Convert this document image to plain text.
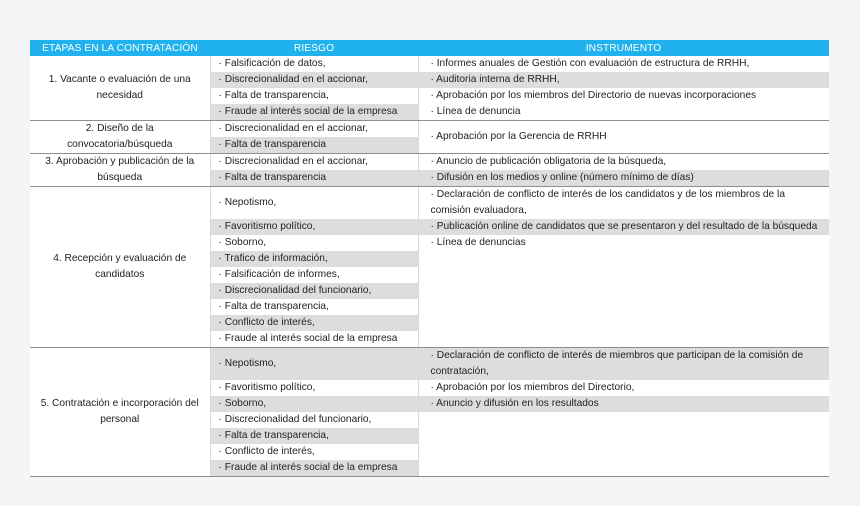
ETAPAS EN LA CONTRATACIÓN	RIESGO	INSTRUMENTO
1. Vacante o evaluación de una necesidad	· Falsificación de datos,	· Informes anuales de Gestión con evaluación de estructura de RRHH,
	· Discrecionalidad en el accionar,	· Auditoria interna de RRHH,
	· Falta de transparencia,	· Aprobación por los miembros del Directorio de nuevas incorporaciones
	· Fraude al interés social de la empresa	· Línea de denuncia
2. Diseño de la convocatoria/búsqueda	· Discrecionalidad en el accionar,	· Aprobación por la Gerencia de RRHH
	· Falta de transparencia	
3. Aprobación y publicación de la búsqueda	· Discrecionalidad en el accionar,	· Anuncio de publicación obligatoria de la búsqueda,
	· Falta de transparencia	· Difusión en los medios y online (número mínimo de días)
4. Recepción y evaluación de candidatos	· Nepotismo,	· Declaración de conflicto de interés de los candidatos y de los miembros de la comisión evaluadora,
	· Favoritismo político,	· Publicación online de candidatos que se presentaron y del resultado de la búsqueda
	· Soborno,	· Línea de denuncias
	· Trafico de información,	
	· Falsificación de informes,	
	· Discrecionalidad del funcionario,	
	· Falta de transparencia,	
	· Conflicto de interés,	
	· Fraude al interés social de la empresa	
5. Contratación e incorporación del personal	· Nepotismo,	· Declaración de conflicto de interés de miembros que participan de la comisión de contratación,
	· Favoritismo político,	· Aprobación por los miembros del Directorio,
	· Soborno,	· Anuncio y difusión en los resultados
	· Discrecionalidad del funcionario,	
	· Falta de transparencia,	
	· Conflicto de interés,	
	· Fraude al interés social de la empresa	
